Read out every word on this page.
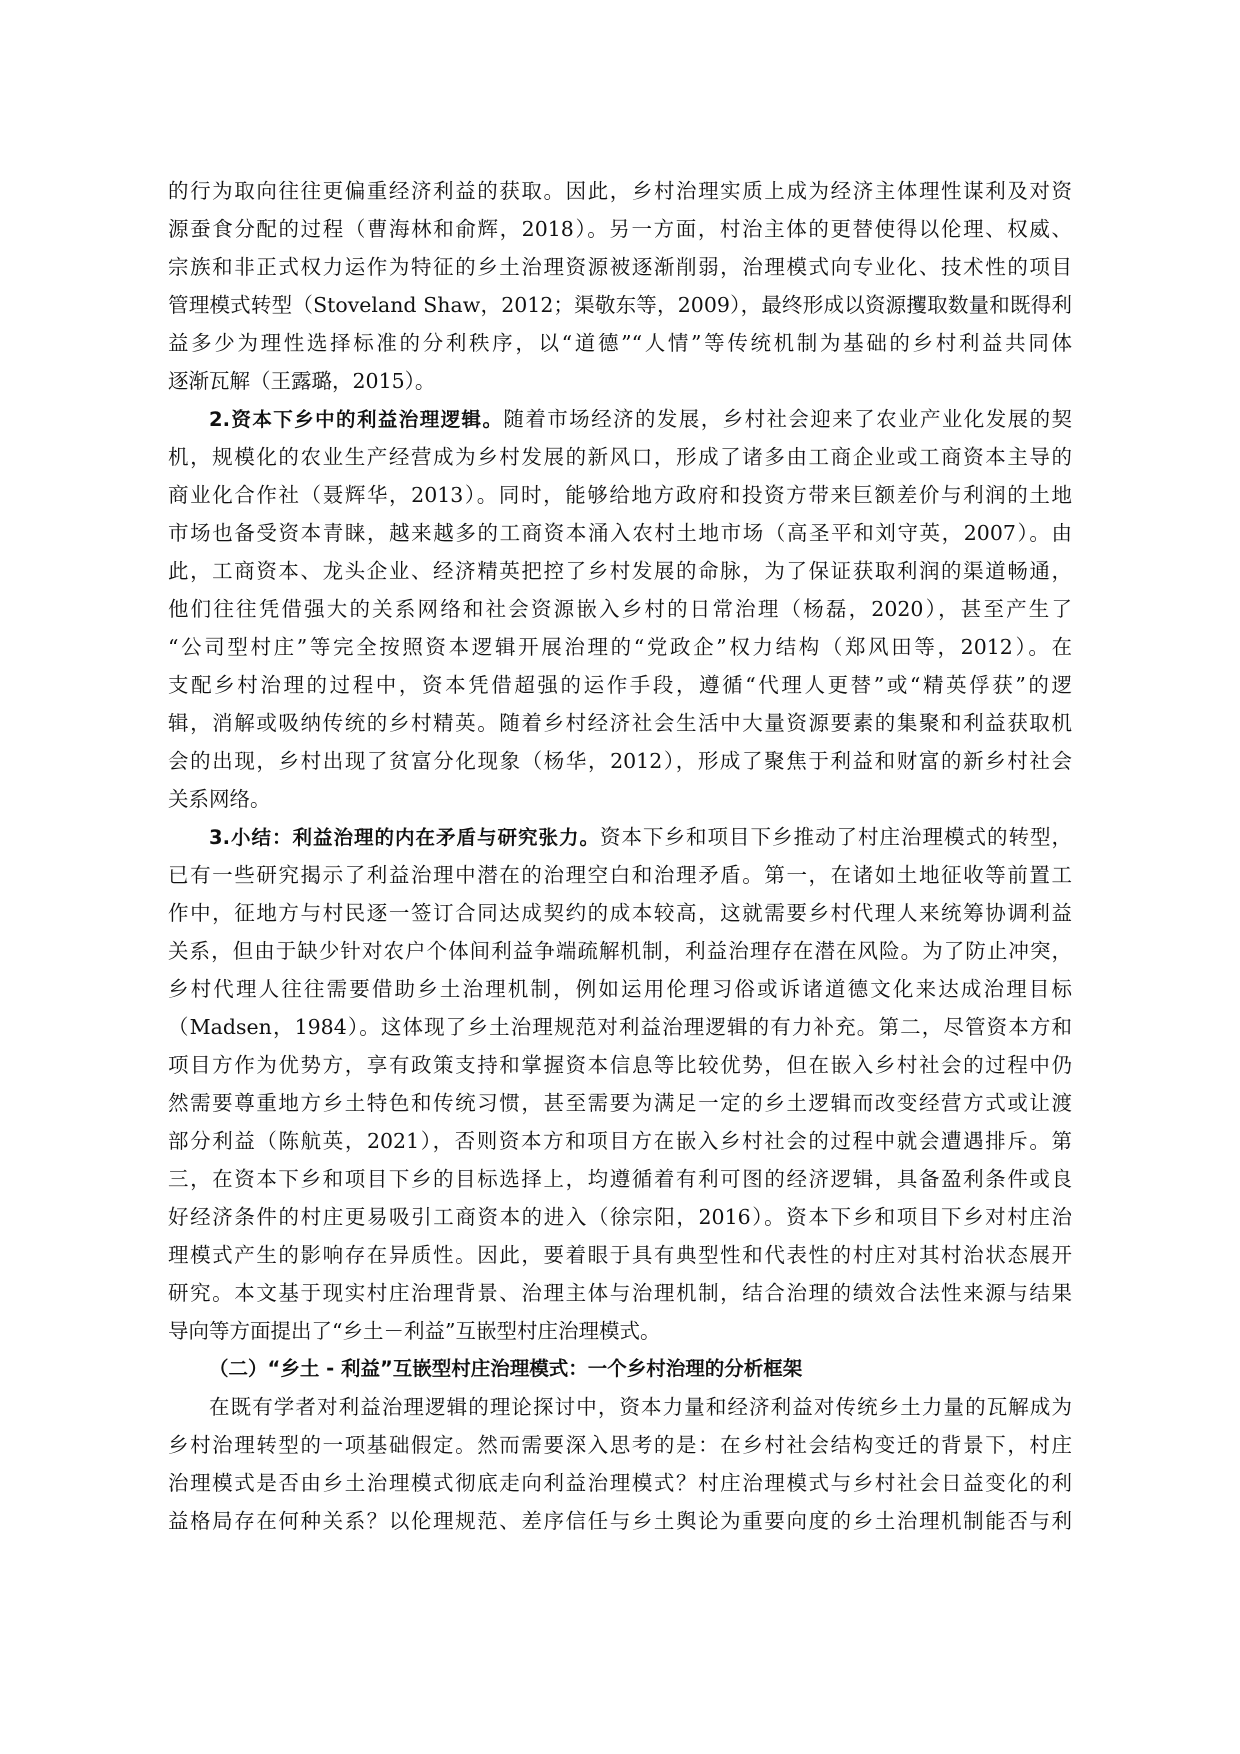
的行为取向往往更偏重经济利益的获取。因此，乡村治理实质上成为经济主体理性谋利及对资
源蚕食分配的过程（曹海林和俞辉，2018）。另一方面，村治主体的更替使得以伦理、权威、
宗族和非正式权力运作为特征的乡土治理资源被逐渐削弱，治理模式向专业化、技术性的项目
管理模式转型（Stoveland Shaw，2012；渠敬东等，2009），最终形成以资源攫取数量和既得利
益多少为理性选择标准的分利秩序，以“道德”“人情”等传统机制为基础的乡村利益共同体
逐渐瓦解（王露璐，2015）。
2.资本下乡中的利益治理逻辑。随着市场经济的发展，乡村社会迎来了农业产业化发展的契
机，规模化的农业生产经营成为乡村发展的新风口，形成了诸多由工商企业或工商资本主导的
商业化合作社（聂辉华，2013）。同时，能够给地方政府和投资方带来巨额差价与利润的土地
市场也备受资本青睐，越来越多的工商资本涌入农村土地市场（高圣平和刘守英，2007）。由
此，工商资本、龙头企业、经济精英把控了乡村发展的命脉，为了保证获取利润的渠道畅通，
他们往往凭借强大的关系网络和社会资源嵌入乡村的日常治理（杨磊，2020），甚至产生了
“公司型村庄”等完全按照资本逻辑开展治理的“党政企”权力结构（郑风田等，2012）。在
支配乡村治理的过程中，资本凭借超强的运作手段，遵循“代理人更替”或“精英俘获”的逻
辑，消解或吸纳传统的乡村精英。随着乡村经济社会生活中大量资源要素的集聚和利益获取机
会的出现，乡村出现了贫富分化现象（杨华，2012），形成了聚焦于利益和财富的新乡村社会
关系网络。
3.小结：利益治理的内在矛盾与研究张力。资本下乡和项目下乡推动了村庄治理模式的转型，
已有一些研究揭示了利益治理中潜在的治理空白和治理矛盾。第一，在诸如土地征收等前置工
作中，征地方与村民逐一签订合同达成契约的成本较高，这就需要乡村代理人来统筹协调利益
关系，但由于缺少针对农户个体间利益争端疏解机制，利益治理存在潜在风险。为了防止冲突，
乡村代理人往往需要借助乡土治理机制，例如运用伦理习俗或诉诸道德文化来达成治理目标
（Madsen，1984）。这体现了乡土治理规范对利益治理逻辑的有力补充。第二，尽管资本方和
项目方作为优势方，享有政策支持和掌握资本信息等比较优势，但在嵌入乡村社会的过程中仍
然需要尊重地方乡土特色和传统习惯，甚至需要为满足一定的乡土逻辑而改变经营方式或让渡
部分利益（陈航英，2021），否则资本方和项目方在嵌入乡村社会的过程中就会遭遇排斥。第
三，在资本下乡和项目下乡的目标选择上，均遵循着有利可图的经济逻辑，具备盈利条件或良
好经济条件的村庄更易吸引工商资本的进入（徐宗阳，2016）。资本下乡和项目下乡对村庄治
理模式产生的影响存在异质性。因此，要着眼于具有典型性和代表性的村庄对其村治状态展开
研究。本文基于现实村庄治理背景、治理主体与治理机制，结合治理的绩效合法性来源与结果
导向等方面提出了“乡土－利益”互嵌型村庄治理模式。
（二）“乡土 - 利益”互嵌型村庄治理模式：一个乡村治理的分析框架
在既有学者对利益治理逻辑的理论探讨中，资本力量和经济利益对传统乡土力量的瓦解成为
乡村治理转型的一项基础假定。然而需要深入思考的是：在乡村社会结构变迁的背景下，村庄
治理模式是否由乡土治理模式彻底走向利益治理模式？村庄治理模式与乡村社会日益变化的利
益格局存在何种关系？以伦理规范、差序信任与乡土舆论为重要向度的乡土治理机制能否与利
